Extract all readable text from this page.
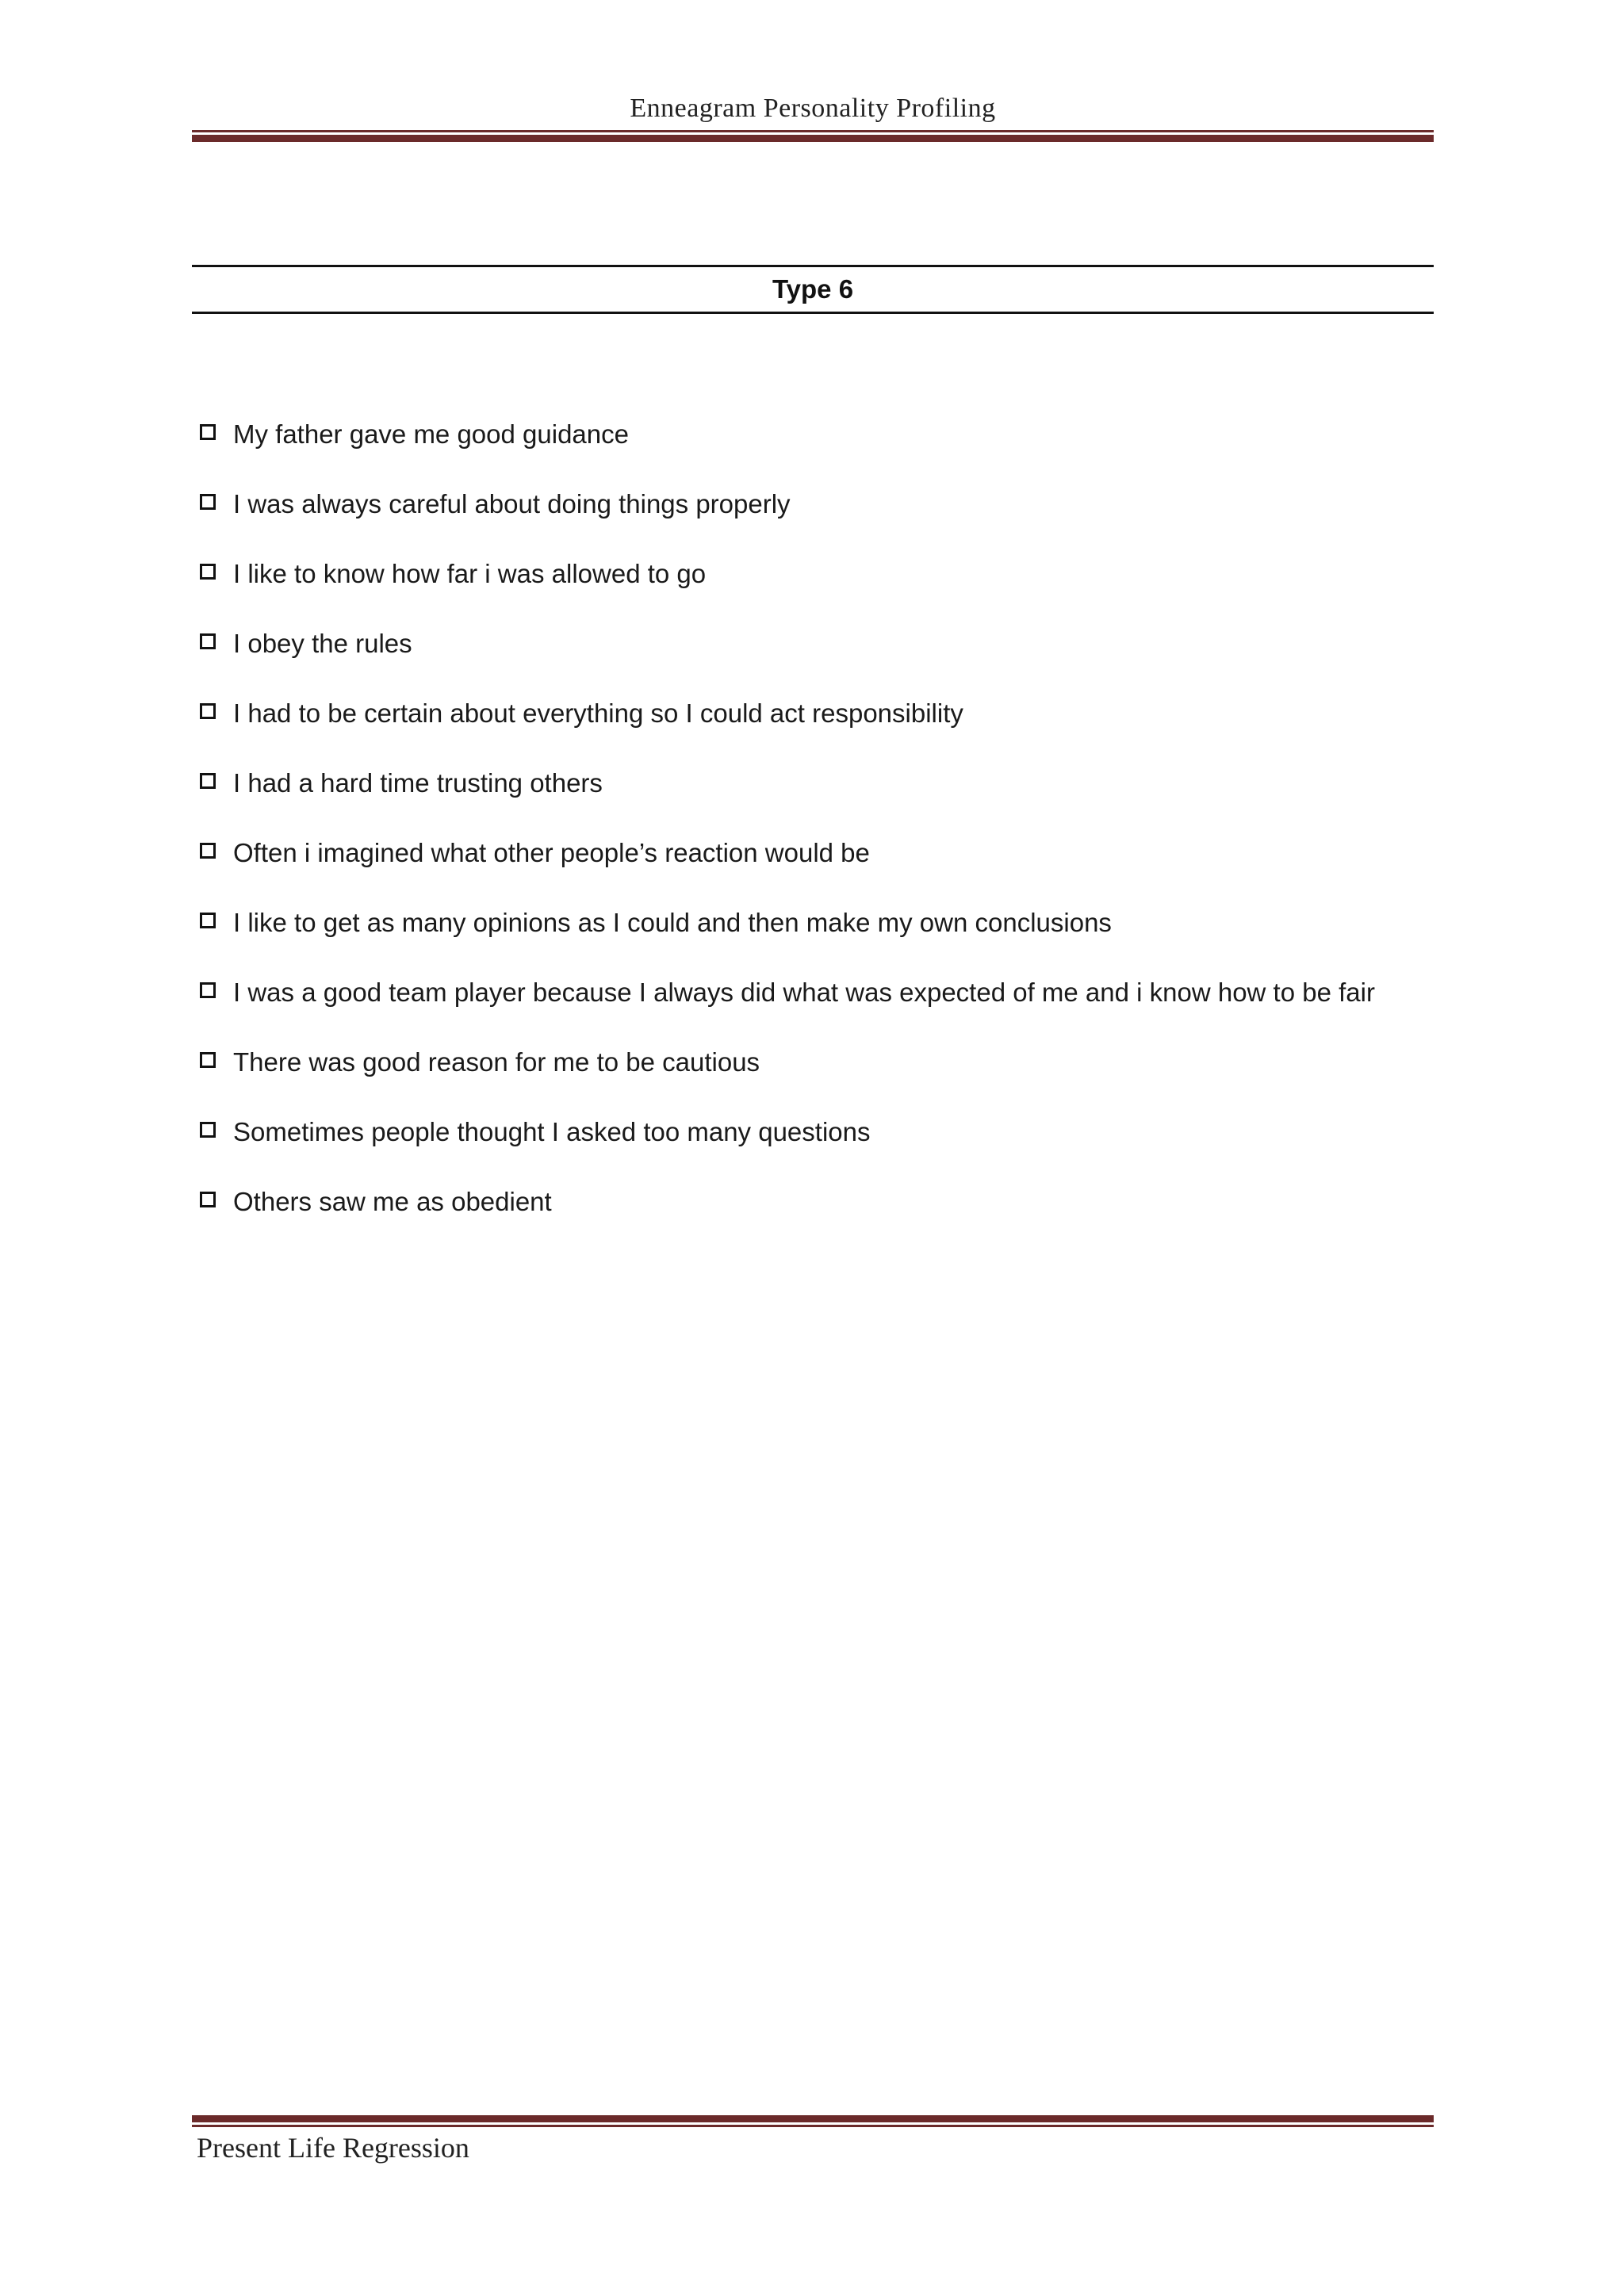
Enneagram Personality Profiling
Type 6
My father gave me good guidance
I was always careful about doing things properly
I like to know how far i was allowed to go
I obey the rules
I had to be certain about everything so I could act responsibility
I had a hard time trusting others
Often i imagined what other people’s reaction would be
I like to get as many opinions as I could and then make my own conclusions
I was a good team player because I always did what was expected of me and i know how to be fair
There was good reason for me to be cautious
Sometimes people thought I asked too many questions
Others saw me as obedient
Present Life Regression
